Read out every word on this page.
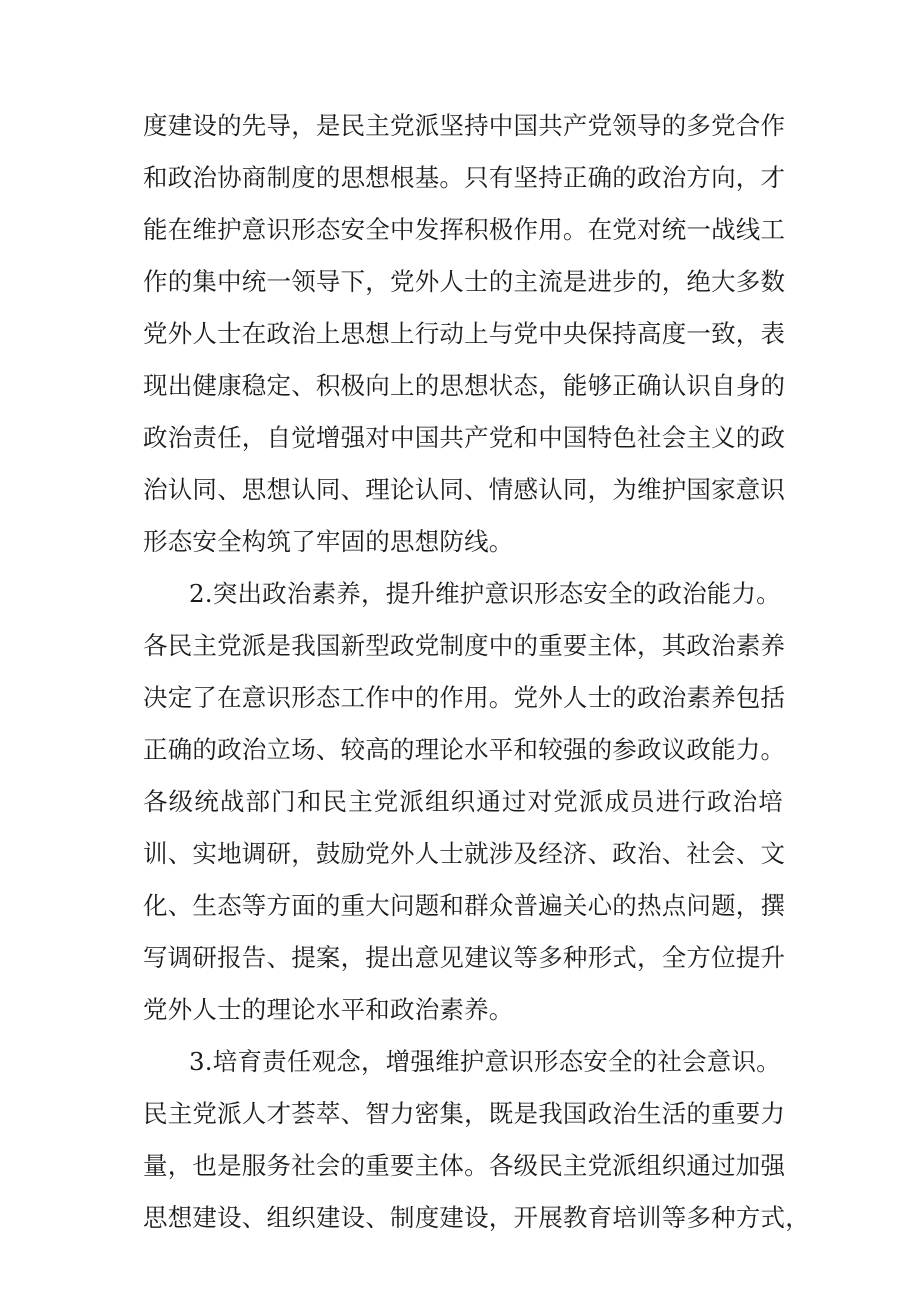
度建设的先导，是民主党派坚持中国共产党领导的多党合作
和政治协商制度的思想根基。只有坚持正确的政治方向，才
能在维护意识形态安全中发挥积极作用。在党对统一战线工
作的集中统一领导下，党外人士的主流是进步的，绝大多数
党外人士在政治上思想上行动上与党中央保持高度一致，表
现出健康稳定、积极向上的思想状态，能够正确认识自身的
政治责任，自觉增强对中国共产党和中国特色社会主义的政
治认同、思想认同、理论认同、情感认同，为维护国家意识
形态安全构筑了牢固的思想防线。
2.突出政治素养，提升维护意识形态安全的政治能力。
各民主党派是我国新型政党制度中的重要主体，其政治素养
决定了在意识形态工作中的作用。党外人士的政治素养包括
正确的政治立场、较高的理论水平和较强的参政议政能力。
各级统战部门和民主党派组织通过对党派成员进行政治培
训、实地调研，鼓励党外人士就涉及经济、政治、社会、文
化、生态等方面的重大问题和群众普遍关心的热点问题，撰
写调研报告、提案，提出意见建议等多种形式，全方位提升
党外人士的理论水平和政治素养。
3.培育责任观念，增强维护意识形态安全的社会意识。
民主党派人才荟萃、智力密集，既是我国政治生活的重要力
量，也是服务社会的重要主体。各级民主党派组织通过加强
思想建设、组织建设、制度建设，开展教育培训等多种方式，
